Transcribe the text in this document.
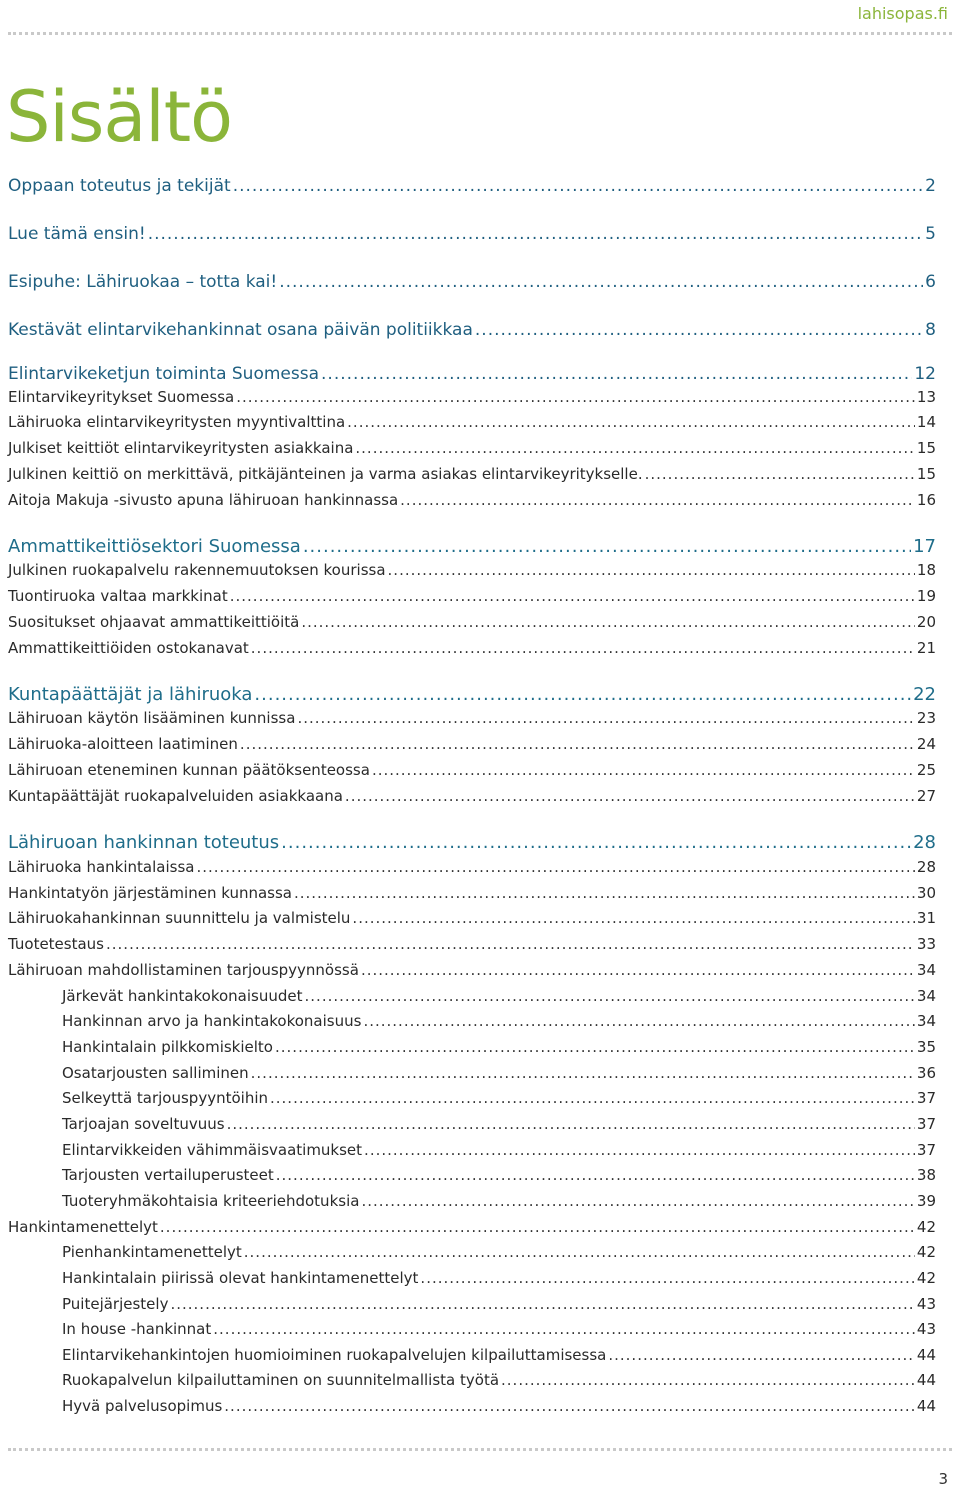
lahisopas.fi
Sisältö
Oppaan toteutus ja tekijät .....	2
Lue tämä ensin! .....	5
Esipuhe: Lähiruokaa – totta kai! .....	6
Kestävät elintarvikehankinnat osana päivän politiikkaa .....	8
Elintarvikeketjun toiminta Suomessa .....	12
Elintarvikeyritykset Suomessa .....	13
Lähiruoka elintarvikeyritysten myyntivalttina .....	14
Julkiset keittiöt elintarvikeyritysten asiakkaina .....	15
Julkinen keittiö on merkittävä, pitkäjänteinen ja varma asiakas elintarvikeyritykselle. .....	15
Aitoja Makuja -sivusto apuna lähiruoan hankinnassa .....	16
Ammattikeittiösektori Suomessa .....	17
Julkinen ruokapalvelu rakennemuutoksen kourissa .....	18
Tuontiruoka valtaa markkinat .....	19
Suositukset ohjaavat ammattikeittiöitä .....	20
Ammattikeittiöiden ostokanavat .....	21
Kuntapäättäjät ja lähiruoka .....	22
Lähiruoan käytön lisääminen kunnissa .....	23
Lähiruoka-aloitteen laatiminen .....	24
Lähiruoan eteneminen kunnan päätöksenteossa .....	25
Kuntapäättäjät ruokapalveluiden asiakkaana .....	27
Lähiruoan hankinnan toteutus .....	28
Lähiruoka hankintalaissa .....	28
Hankintatyön järjestäminen kunnassa .....	30
Lähiruokahankinnan suunnittelu ja valmistelu .....	31
Tuotetestaus .....	33
Lähiruoan mahdollistaminen tarjouspyynnössä .....	34
Järkevät hankintakokonaisuudet .....	34
Hankinnan arvo ja hankintakokonaisuus .....	34
Hankintalain pilkkomiskielto .....	35
Osatarjousten salliminen .....	36
Selkeyttä tarjouspyyntöihin .....	37
Tarjoajan soveltuvuus .....	37
Elintarvikkeiden vähimmäisvaatimukset .....	37
Tarjousten vertailuperusteet .....	38
Tuoteryhmäkohtaisia kriteeriehdotuksia .....	39
Hankintamenettelyt .....	42
Pienhankintamenettelyt .....	42
Hankintalain piirissä olevat hankintamenettelyt .....	42
Puitejärjestely .....	43
In house -hankinnat .....	43
Elintarvikehankintojen huomioiminen ruokapalvelujen kilpailuttamisessa .....	44
Ruokapalvelun kilpailuttaminen on suunnitelmallista työtä .....	44
Hyvä palvelusopimus .....	44
3
